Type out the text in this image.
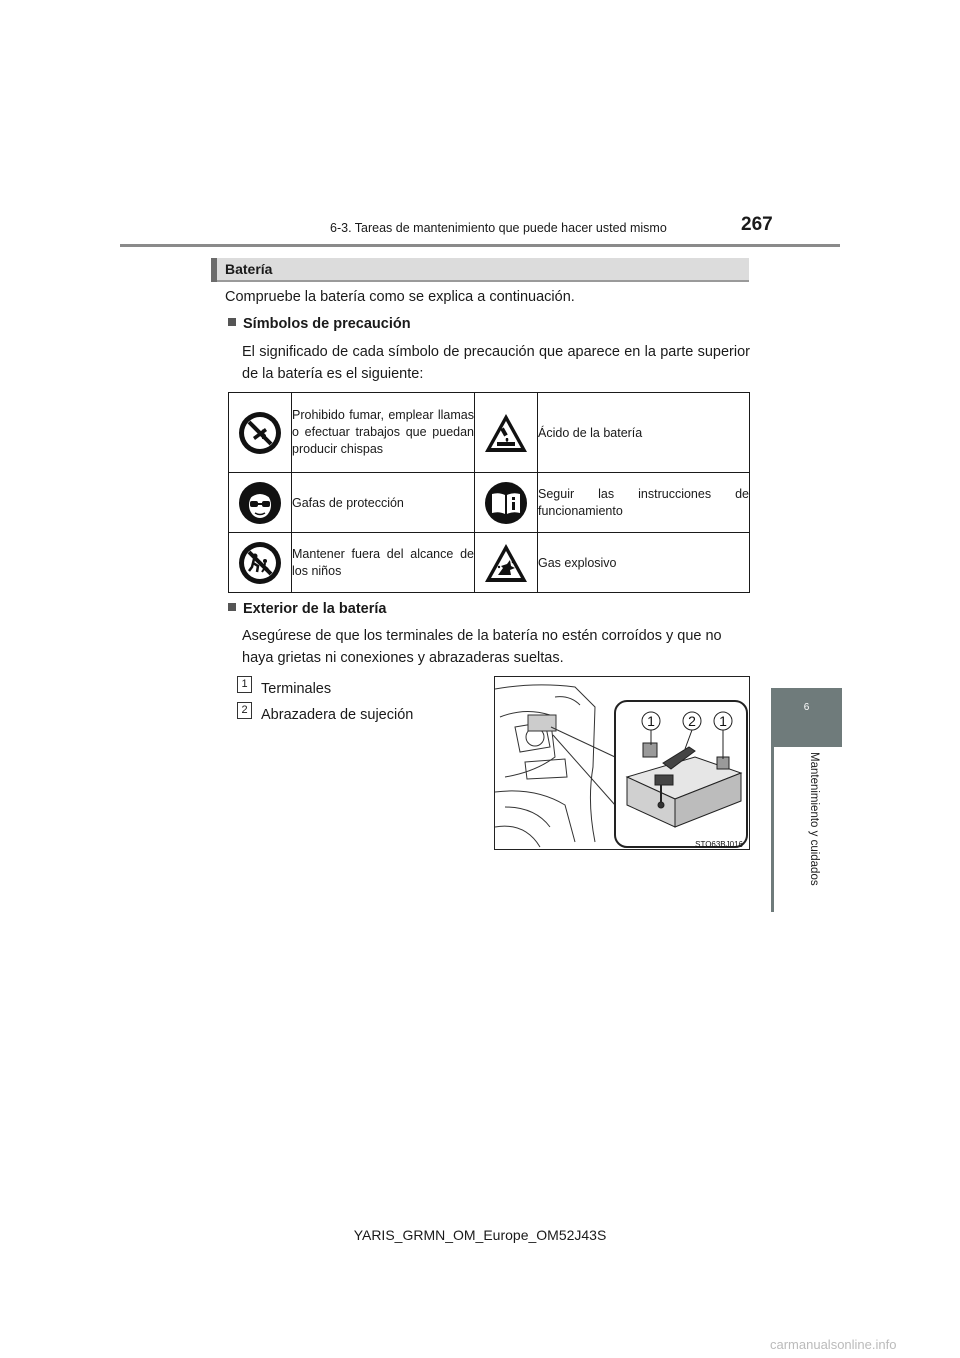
6-3. Tareas de mantenimiento que puede hacer usted mismo	267
6
Mantenimiento y cuidados
Batería
Compruebe la batería como se explica a continuación.
Símbolos de precaución
El significado de cada símbolo de precaución que aparece en la parte superior de la batería es el siguiente:

Prohibido fumar, emplear llamas o efectuar trabajos que puedan producir chispas		Ácido de la batería

Gafas de protección		Seguir las instrucciones de funcionamiento

Mantener fuera del alcance de los niños		Gas explosivo
Exterior de la batería
Asegúrese de que los terminales de la batería no estén corroídos y que no haya grietas ni conexiones y abrazaderas sueltas.
1 Terminales
2 Abrazadera de sujeción	1 2 1
STO63BJ016
YARIS_GRMN_OM_Europe_OM52J43S
carmanualsonline.info
